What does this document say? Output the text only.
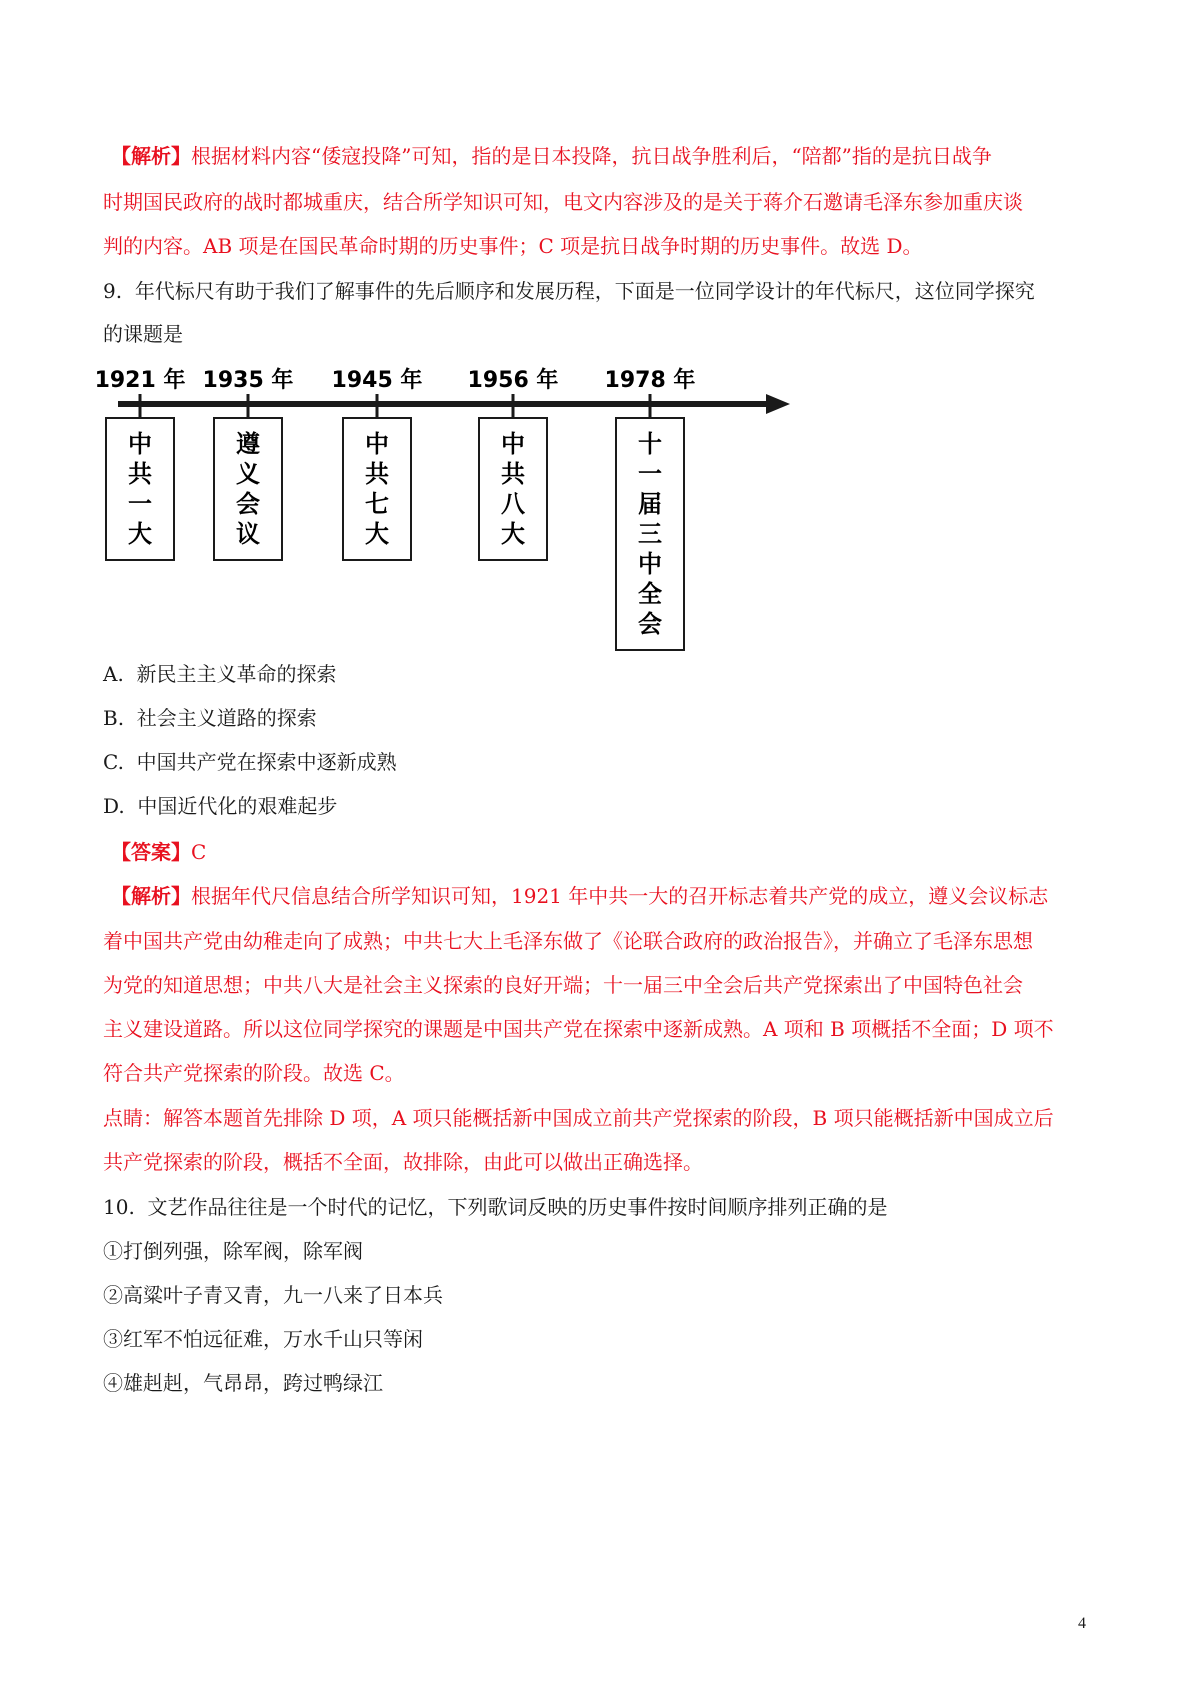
【解析】根据材料内容“倭寇投降”可知，指的是日本投降，抗日战争胜利后，“陪都”指的是抗日战争
时期国民政府的战时都城重庆，结合所学知识可知，电文内容涉及的是关于蒋介石邀请毛泽东参加重庆谈
判的内容。AB 项是在国民革命时期的历史事件；C 项是抗日战争时期的历史事件。故选 D。
9. 年代标尺有助于我们了解事件的先后顺序和发展历程，下面是一位同学设计的年代标尺，这位同学探究
的课题是
1921 年
中
共
一
大
1935 年
遵
义
会
议
1945 年
中
共
七
大
1956 年
中
共
八
大
1978 年
十
一
届
三
中
全
会
A. 新民主主义革命的探索
B. 社会主义道路的探索
C. 中国共产党在探索中逐新成熟
D. 中国近代化的艰难起步
【答案】C
【解析】根据年代尺信息结合所学知识可知，1921 年中共一大的召开标志着共产党的成立，遵义会议标志
着中国共产党由幼稚走向了成熟；中共七大上毛泽东做了《论联合政府的政治报告》，并确立了毛泽东思想
为党的知道思想；中共八大是社会主义探索的良好开端；十一届三中全会后共产党探索出了中国特色社会
主义建设道路。所以这位同学探究的课题是中国共产党在探索中逐新成熟。A 项和 B 项概括不全面；D 项不
符合共产党探索的阶段。故选 C。
点睛：解答本题首先排除 D 项，A 项只能概括新中国成立前共产党探索的阶段，B 项只能概括新中国成立后
共产党探索的阶段，概括不全面，故排除，由此可以做出正确选择。
10. 文艺作品往往是一个时代的记忆，下列歌词反映的历史事件按时间顺序排列正确的是
①打倒列强，除军阀，除军阀
②高粱叶子青又青，九一八来了日本兵
③红军不怕远征难，万水千山只等闲
④雄赳赳，气昂昂，跨过鸭绿江
4
